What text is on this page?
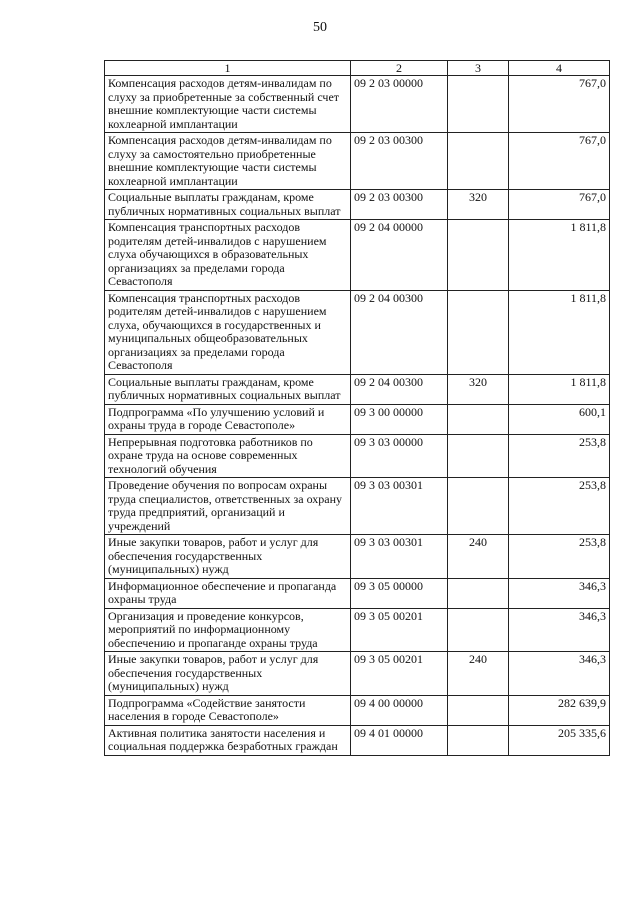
50
1	2	3	4
Компенсация расходов детям-инвалидам по слуху за приобретенные за собственный счет внешние комплектующие части системы кохлеарной имплантации	09 2 03 00000		767,0
Компенсация расходов детям-инвалидам по слуху за самостоятельно приобретенные внешние комплектующие части системы кохлеарной имплантации	09 2 03 00300		767,0
Социальные выплаты гражданам, кроме публичных нормативных социальных выплат	09 2 03 00300	320	767,0
Компенсация транспортных расходов родителям детей-инвалидов с нарушением слуха обучающихся в образовательных организациях за пределами города Севастополя	09 2 04 00000		1 811,8
Компенсация транспортных расходов родителям детей-инвалидов с нарушением слуха, обучающихся в государственных и муниципальных общеобразовательных организациях за пределами города Севастополя	09 2 04 00300		1 811,8
Социальные выплаты гражданам, кроме публичных нормативных социальных выплат	09 2 04 00300	320	1 811,8
Подпрограмма «По улучшению условий и охраны труда в городе Севастополе»	09 3 00 00000		600,1
Непрерывная подготовка работников по охране труда на основе современных технологий обучения	09 3 03 00000		253,8
Проведение обучения по вопросам охраны труда специалистов, ответственных за охрану труда предприятий, организаций и учреждений	09 3 03 00301		253,8
Иные закупки товаров, работ и услуг для обеспечения государственных (муниципальных) нужд	09 3 03 00301	240	253,8
Информационное обеспечение и пропаганда охраны труда	09 3 05 00000		346,3
Организация и проведение конкурсов, мероприятий по информационному обеспечению и пропаганде охраны труда	09 3 05 00201		346,3
Иные закупки товаров, работ и услуг для обеспечения государственных (муниципальных) нужд	09 3 05 00201	240	346,3
Подпрограмма «Содействие занятости населения в городе Севастополе»	09 4 00 00000		282 639,9
Активная политика занятости населения и социальная поддержка безработных граждан	09 4 01 00000		205 335,6
